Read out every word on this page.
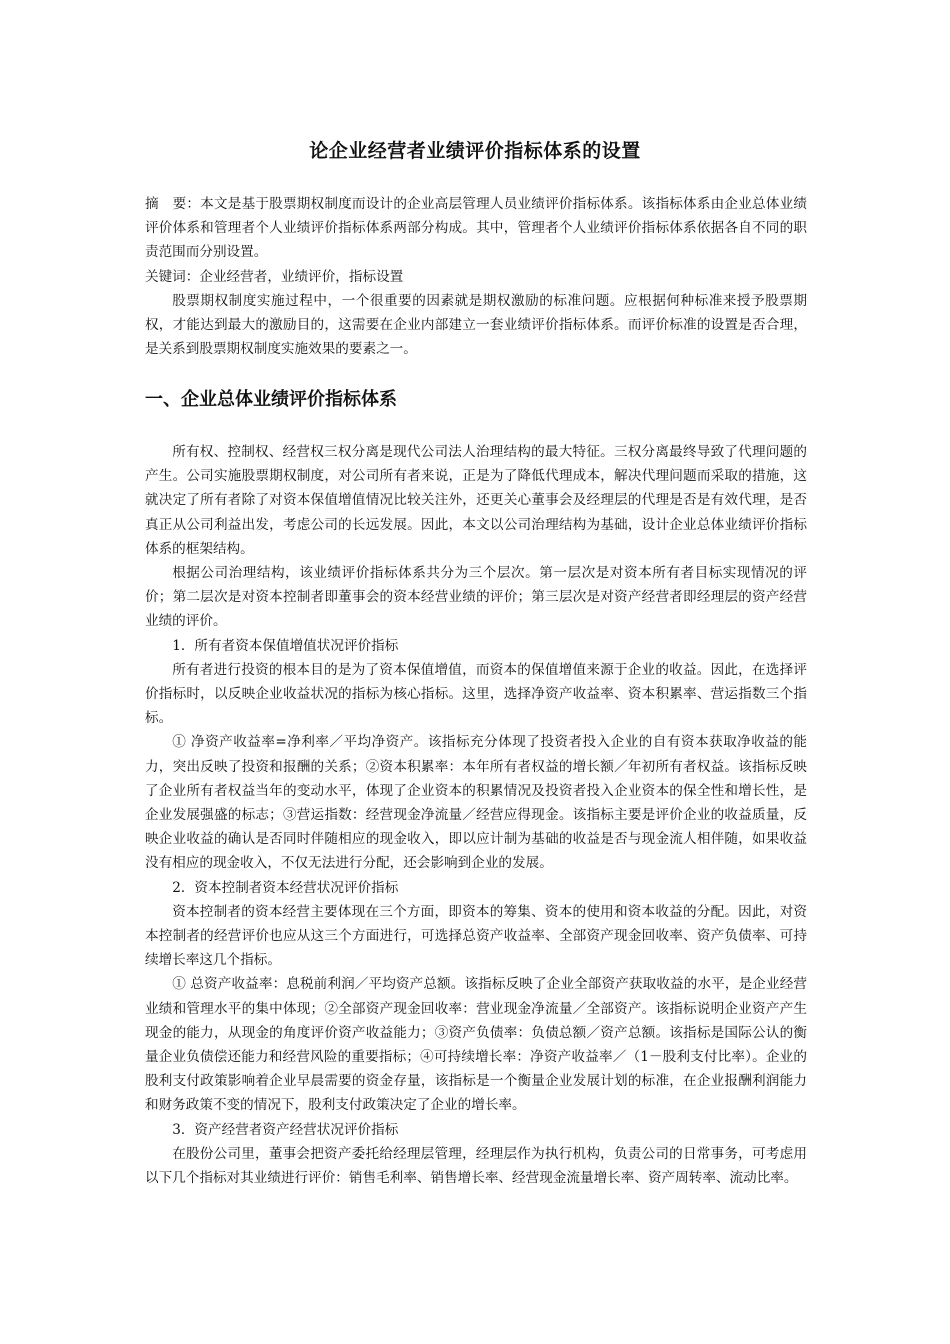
论企业经营者业绩评价指标体系的设置

摘　要：本文是基于股票期权制度而设计的企业高层管理人员业绩评价指标体系。该指标体系由企业总体业绩评价体系和管理者个人业绩评价指标体系两部分构成。其中，管理者个人业绩评价指标体系依据各自不同的职责范围而分别设置。

关键词：企业经营者，业绩评价，指标设置

股票期权制度实施过程中，一个很重要的因素就是期权激励的标准问题。应根据何种标准来授予股票期权，才能达到最大的激励目的，这需要在企业内部建立一套业绩评价指标体系。而评价标准的设置是否合理，是关系到股票期权制度实施效果的要素之一。

一、企业总体业绩评价指标体系

所有权、控制权、经营权三权分离是现代公司法人治理结构的最大特征。三权分离最终导致了代理问题的产生。公司实施股票期权制度，对公司所有者来说，正是为了降低代理成本，解决代理问题而采取的措施，这就决定了所有者除了对资本保值增值情况比较关注外，还更关心董事会及经理层的代理是否是有效代理，是否真正从公司利益出发，考虑公司的长远发展。因此，本文以公司治理结构为基础，设计企业总体业绩评价指标体系的框架结构。

根据公司治理结构，该业绩评价指标体系共分为三个层次。第一层次是对资本所有者目标实现情况的评价；第二层次是对资本控制者即董事会的资本经营业绩的评价；第三层次是对资产经营者即经理层的资产经营业绩的评价。

1．所有者资本保值增值状况评价指标

所有者进行投资的根本目的是为了资本保值增值，而资本的保值增值来源于企业的收益。因此，在选择评价指标时，以反映企业收益状况的指标为核心指标。这里，选择净资产收益率、资本积累率、营运指数三个指标。

① 净资产收益率=净利率／平均净资产。该指标充分体现了投资者投入企业的自有资本获取净收益的能力，突出反映了投资和报酬的关系；②资本积累率：本年所有者权益的增长额／年初所有者权益。该指标反映了企业所有者权益当年的变动水平，体现了企业资本的积累情况及投资者投入企业资本的保全性和增长性，是企业发展强盛的标志；③营运指数：经营现金净流量／经营应得现金。该指标主要是评价企业的收益质量，反映企业收益的确认是否同时伴随相应的现金收入，即以应计制为基础的收益是否与现金流人相伴随，如果收益没有相应的现金收入，不仅无法进行分配，还会影响到企业的发展。

2．资本控制者资本经营状况评价指标

资本控制者的资本经营主要体现在三个方面，即资本的筹集、资本的使用和资本收益的分配。因此，对资本控制者的经营评价也应从这三个方面进行，可选择总资产收益率、全部资产现金回收率、资产负债率、可持续增长率这几个指标。

① 总资产收益率：息税前利润／平均资产总额。该指标反映了企业全部资产获取收益的水平，是企业经营业绩和管理水平的集中体现；②全部资产现金回收率：营业现金净流量／全部资产。该指标说明企业资产产生现金的能力，从现金的角度评价资产收益能力；③资产负债率：负债总额／资产总额。该指标是国际公认的衡量企业负债偿还能力和经营风险的重要指标；④可持续增长率：净资产收益率／（1－股利支付比率）。企业的股利支付政策影响着企业早晨需要的资金存量，该指标是一个衡量企业发展计划的标准，在企业报酬利润能力和财务政策不变的情况下，股利支付政策决定了企业的增长率。

3．资产经营者资产经营状况评价指标

在股份公司里，董事会把资产委托给经理层管理，经理层作为执行机构，负责公司的日常事务，可考虑用以下几个指标对其业绩进行评价：销售毛利率、销售增长率、经营现金流量增长率、资产周转率、流动比率。
